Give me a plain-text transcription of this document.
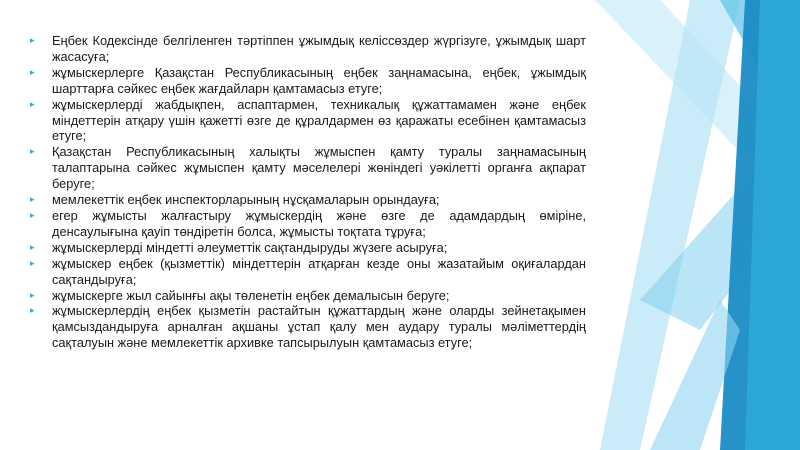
▸ Еңбек Кодексінде белгіленген тәртіппен ұжымдық келіссөздер жүргізуге, ұжымдық шарт жасасуға;
▸ жұмыскерлерге Қазақстан Республикасының еңбек заңнамасына, еңбек, ұжымдық шарттарға сәйкес еңбек жағдайларн қамтамасыз етуге;
▸ жұмыскерлерді жабдықпен, аспаптармен, техникалық құжаттамамен және еңбек міндеттерін атқару үшін қажетті өзге де құралдармен өз қаражаты есебінен қамтамасыз етуге;
▸ Қазақстан Республикасының халықты жұмыспен қамту туралы заңнамасының талаптарына сәйкес жұмыспен қамту мәселелері жөніндегі уәкілетті органға ақпарат беруге;
▸ мемлекеттік еңбек инспекторларының нұсқамаларын орындауға;
▸ егер жұмысты жалғастыру жұмыскердің және өзге де адамдардың өміріне, денсаулығына қауіп төндіретін болса, жұмысты тоқтата тұруға;
▸ жұмыскерлерді міндетті әлеуметтік сақтандыруды жүзеге асыруға;
▸ жұмыскер еңбек (қызметтік) міндеттерін атқарған кезде оны жазатайым оқиғалардан сақтандыруға;
▸ жұмыскерге жыл сайынғы ақы төленетін еңбек демалысын беруге;
▸ жұмыскерлердің еңбек қызметін растайтын құжаттардың және оларды зейнетақымен қамсыздандыруға арналған ақшаны ұстап қалу мен аудару туралы мәліметтердің сақталуын және мемлекеттік архивке тапсырылуын қамтамасыз етуге;
